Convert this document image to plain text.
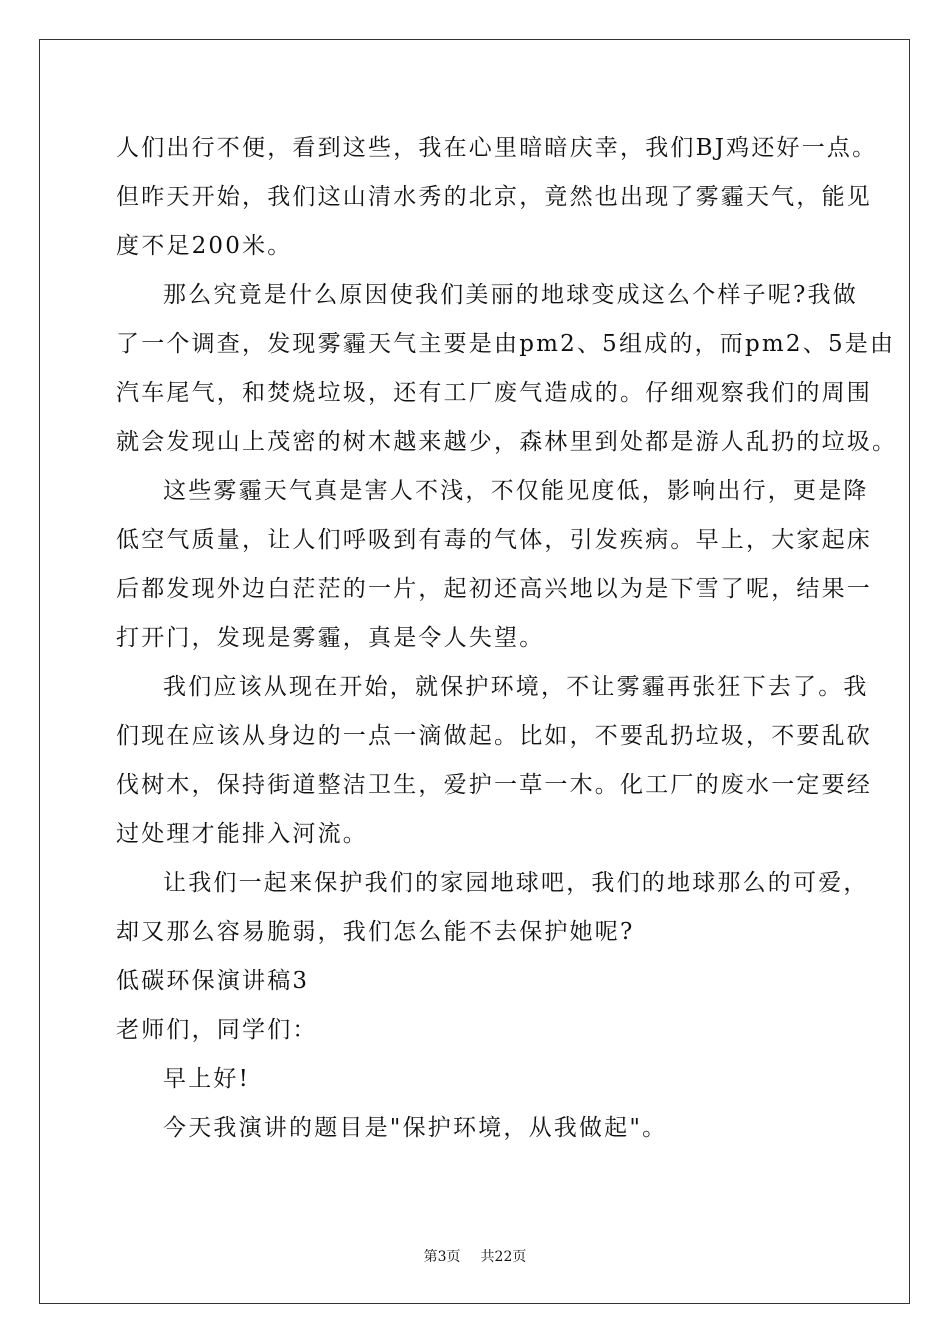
人们出行不便，看到这些，我在心里暗暗庆幸，我们BJ鸡还好一点。
但昨天开始，我们这山清水秀的北京，竟然也出现了雾霾天气，能见
度不足200米。
那么究竟是什么原因使我们美丽的地球变成这么个样子呢?我做
了一个调查，发现雾霾天气主要是由pm2、5组成的，而pm2、5是由
汽车尾气，和焚烧垃圾，还有工厂废气造成的。仔细观察我们的周围
就会发现山上茂密的树木越来越少，森林里到处都是游人乱扔的垃圾。
这些雾霾天气真是害人不浅，不仅能见度低，影响出行，更是降
低空气质量，让人们呼吸到有毒的气体，引发疾病。早上，大家起床
后都发现外边白茫茫的一片，起初还高兴地以为是下雪了呢，结果一
打开门，发现是雾霾，真是令人失望。
我们应该从现在开始，就保护环境，不让雾霾再张狂下去了。我
们现在应该从身边的一点一滴做起。比如，不要乱扔垃圾，不要乱砍
伐树木，保持街道整洁卫生，爱护一草一木。化工厂的废水一定要经
过处理才能排入河流。
让我们一起来保护我们的家园地球吧，我们的地球那么的可爱，
却又那么容易脆弱，我们怎么能不去保护她呢?
低碳环保演讲稿3
老师们，同学们：
早上好!
今天我演讲的题目是"保护环境，从我做起"。
第3页 共22页
